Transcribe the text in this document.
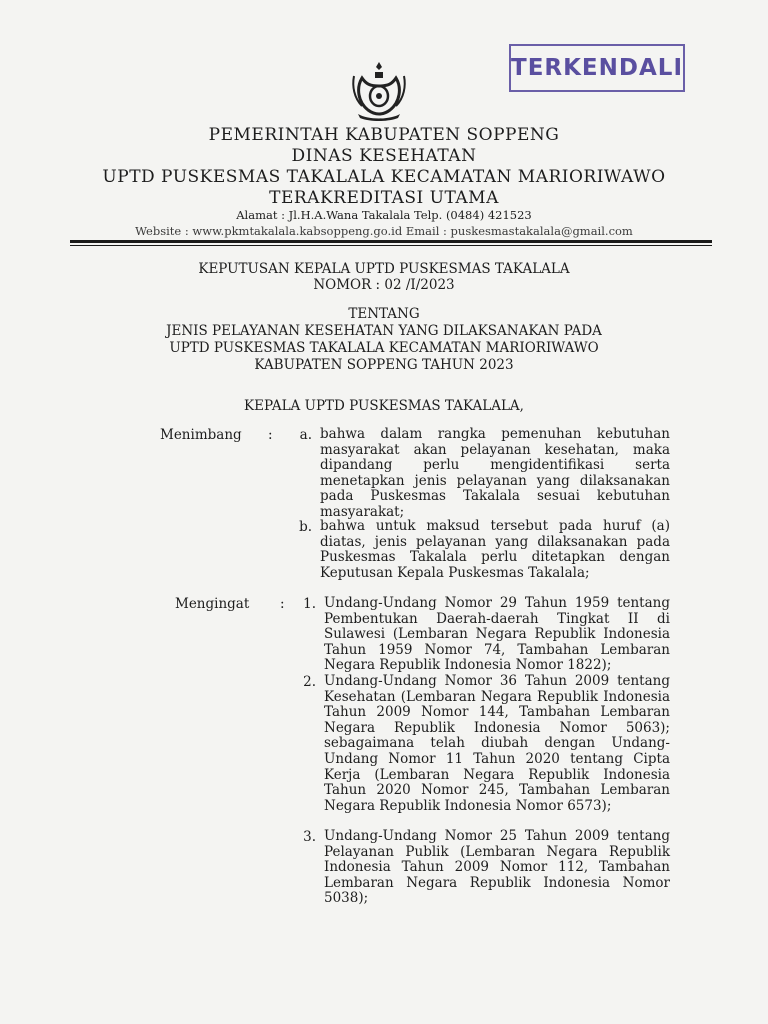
TERKENDALI
PEMERINTAH KABUPATEN SOPPENG
DINAS KESEHATAN
UPTD PUSKESMAS TAKALALA KECAMATAN MARIORIWAWO
TERAKREDITASI UTAMA
Alamat : Jl.H.A.Wana Takalala Telp. (0484) 421523
Website : www.pkmtakalala.kabsoppeng.go.id Email : puskesmastakalala@gmail.com
KEPUTUSAN KEPALA UPTD PUSKESMAS TAKALALA
NOMOR : 02 /I/2023
TENTANG
JENIS PELAYANAN KESEHATAN YANG DILAKSANAKAN PADA
UPTD PUSKESMAS TAKALALA KECAMATAN MARIORIWAWO
KABUPATEN SOPPENG TAHUN 2023
KEPALA UPTD PUSKESMAS TAKALALA,
Menimbang :	a. bahwa dalam rangka pemenuhan kebutuhan masyarakat akan pelayanan kesehatan, maka dipandang perlu mengidentifikasi serta menetapkan jenis pelayanan yang dilaksanakan pada Puskesmas Takalala sesuai kebutuhan masyarakat;
b. bahwa untuk maksud tersebut pada huruf (a) diatas, jenis pelayanan yang dilaksanakan pada Puskesmas Takalala perlu ditetapkan dengan Keputusan Kepala Puskesmas Takalala;
Mengingat :	1. Undang-Undang Nomor 29 Tahun 1959 tentang Pembentukan Daerah-daerah Tingkat II di Sulawesi (Lembaran Negara Republik Indonesia Tahun 1959 Nomor 74, Tambahan Lembaran Negara Republik Indonesia Nomor 1822);
2. Undang-Undang Nomor 36 Tahun 2009 tentang Kesehatan (Lembaran Negara Republik Indonesia Tahun 2009 Nomor 144, Tambahan Lembaran Negara Republik Indonesia Nomor 5063); sebagaimana telah diubah dengan Undang-Undang Nomor 11 Tahun 2020 tentang Cipta Kerja (Lembaran Negara Republik Indonesia Tahun 2020 Nomor 245, Tambahan Lembaran Negara Republik Indonesia Nomor 6573);
3. Undang-Undang Nomor 25 Tahun 2009 tentang Pelayanan Publik (Lembaran Negara Republik Indonesia Tahun 2009 Nomor 112, Tambahan Lembaran Negara Republik Indonesia Nomor 5038);
